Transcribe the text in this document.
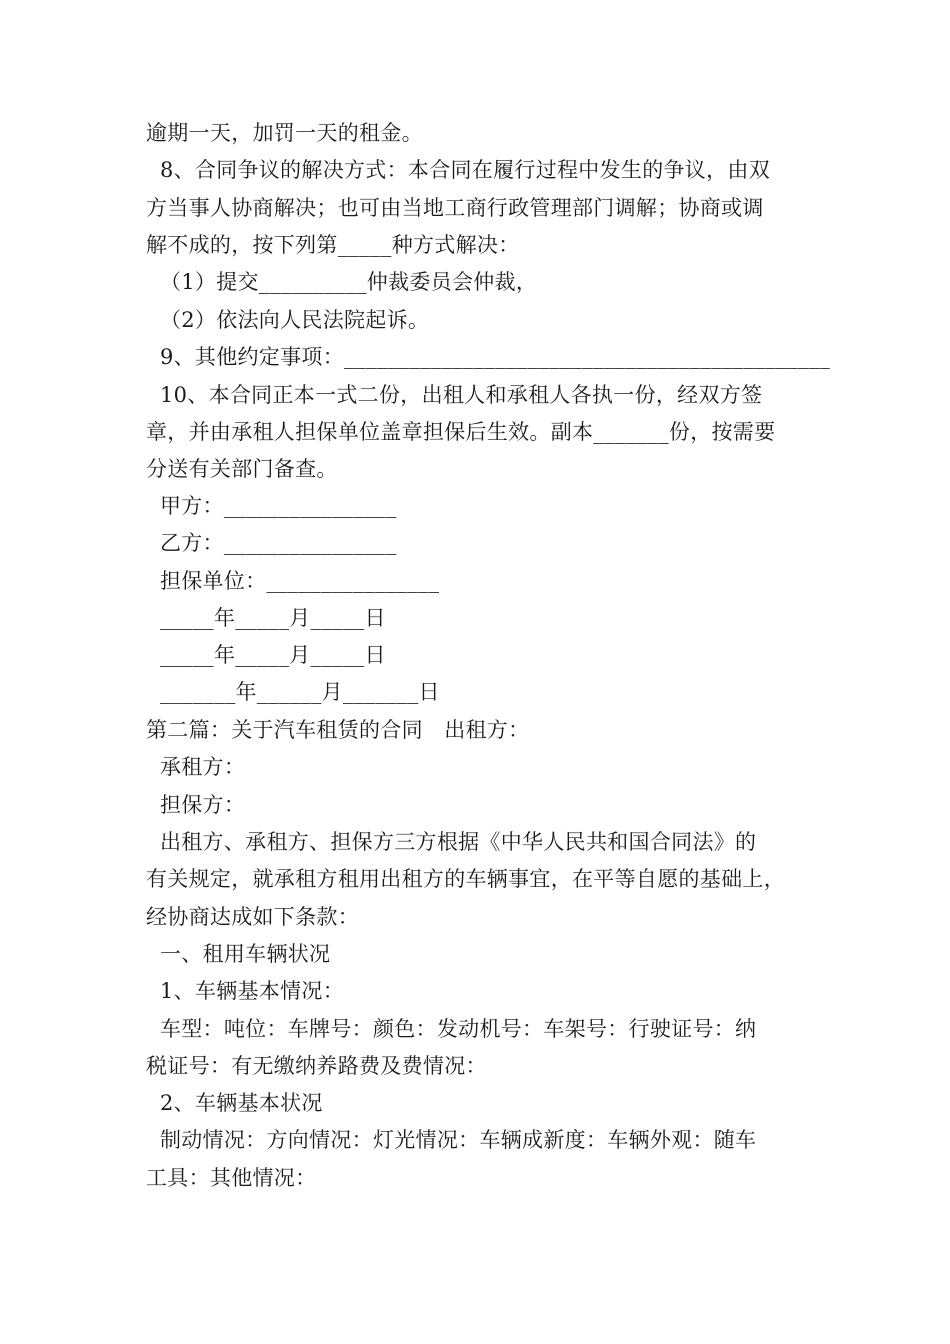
逾期一天，加罚一天的租金。
8、合同争议的解决方式：本合同在履行过程中发生的争议，由双
方当事人协商解决；也可由当地工商行政管理部门调解；协商或调
解不成的，按下列第_____种方式解决：
（1）提交__________仲裁委员会仲裁，
（2）依法向人民法院起诉。
9、其他约定事项：_____________________________________________
10、本合同正本一式二份，出租人和承租人各执一份，经双方签
章，并由承租人担保单位盖章担保后生效。副本_______份，按需要
分送有关部门备查。
甲方：________________
乙方：________________
担保单位：________________
_____年_____月_____日
_____年_____月_____日
_______年______月_______日
第二篇：关于汽车租赁的合同　出租方：
承租方：
担保方：
出租方、承租方、担保方三方根据《中华人民共和国合同法》的
有关规定，就承租方租用出租方的车辆事宜，在平等自愿的基础上，
经协商达成如下条款：
一、租用车辆状况
1、车辆基本情况：
车型：吨位：车牌号：颜色：发动机号：车架号：行驶证号：纳
税证号：有无缴纳养路费及费情况：
2、车辆基本状况
制动情况：方向情况：灯光情况：车辆成新度：车辆外观：随车
工具：其他情况：
